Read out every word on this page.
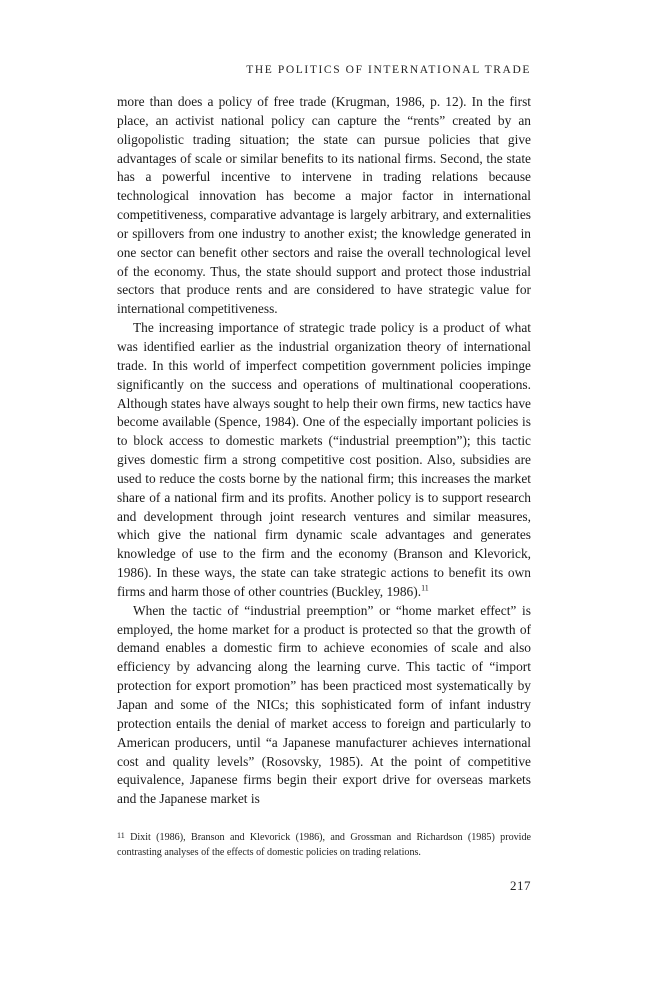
THE POLITICS OF INTERNATIONAL TRADE

more than does a policy of free trade (Krugman, 1986, p. 12). In the first place, an activist national policy can capture the “rents” created by an oligopolistic trading situation; the state can pursue policies that give advantages of scale or similar benefits to its national firms. Second, the state has a powerful incentive to intervene in trading relations because technological innovation has become a major factor in international competitiveness, comparative advantage is largely arbitrary, and externalities or spillovers from one industry to another exist; the knowledge generated in one sector can benefit other sectors and raise the overall technological level of the economy. Thus, the state should support and protect those industrial sectors that produce rents and are considered to have strategic value for international competitiveness.

The increasing importance of strategic trade policy is a product of what was identified earlier as the industrial organization theory of international trade. In this world of imperfect competition government policies impinge significantly on the success and operations of multinational cooperations. Although states have always sought to help their own firms, new tactics have become available (Spence, 1984). One of the especially important policies is to block access to domestic markets (“industrial preemption”); this tactic gives domestic firm a strong competitive cost position. Also, subsidies are used to reduce the costs borne by the national firm; this increases the market share of a national firm and its profits. Another policy is to support research and development through joint research ventures and similar measures, which give the national firm dynamic scale advantages and generates knowledge of use to the firm and the economy (Branson and Klevorick, 1986). In these ways, the state can take strategic actions to benefit its own firms and harm those of other countries (Buckley, 1986).$^{11}$

When the tactic of “industrial preemption” or “home market effect” is employed, the home market for a product is protected so that the growth of demand enables a domestic firm to achieve economies of scale and also efficiency by advancing along the learning curve. This tactic of “import protection for export promotion” has been practiced most systematically by Japan and some of the NICs; this sophisticated form of infant industry protection entails the denial of market access to foreign and particularly to American producers, until “a Japanese manufacturer achieves international cost and quality levels” (Rosovsky, 1985). At the point of competitive equivalence, Japanese firms begin their export drive for overseas markets and the Japanese market is

11 Dixit (1986), Branson and Klevorick (1986), and Grossman and Richardson (1985) provide contrasting analyses of the effects of domestic policies on trading relations.
217
